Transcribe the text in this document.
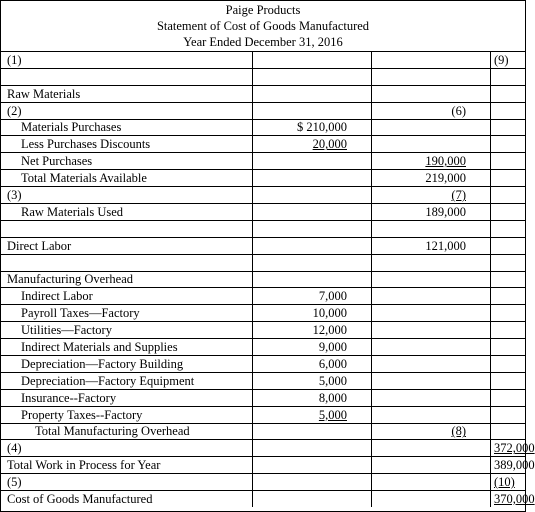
Paige Products
Statement of Cost of Goods Manufactured
Year Ended December 31, 2016
(1)			(9)

Raw Materials			
(2)		(6)	
Materials Purchases	$ 210,000		
Less Purchases Discounts	20,000		
Net Purchases		190,000	
Total Materials Available		219,000	
(3)		(7)	
Raw Materials Used		189,000	

Direct Labor		121,000	

Manufacturing Overhead			
Indirect Labor	7,000		
Payroll Taxes—Factory	10,000		
Utilities—Factory	12,000		
Indirect Materials and Supplies	9,000		
Depreciation—Factory Building	6,000		
Depreciation—Factory Equipment	5,000		
Insurance--Factory	8,000		
Property Taxes--Factory	5,000		
Total Manufacturing Overhead		(8)	
(4)			372,000
Total Work in Process for Year			389,000
(5)			(10)
Cost of Goods Manufactured			370,000
